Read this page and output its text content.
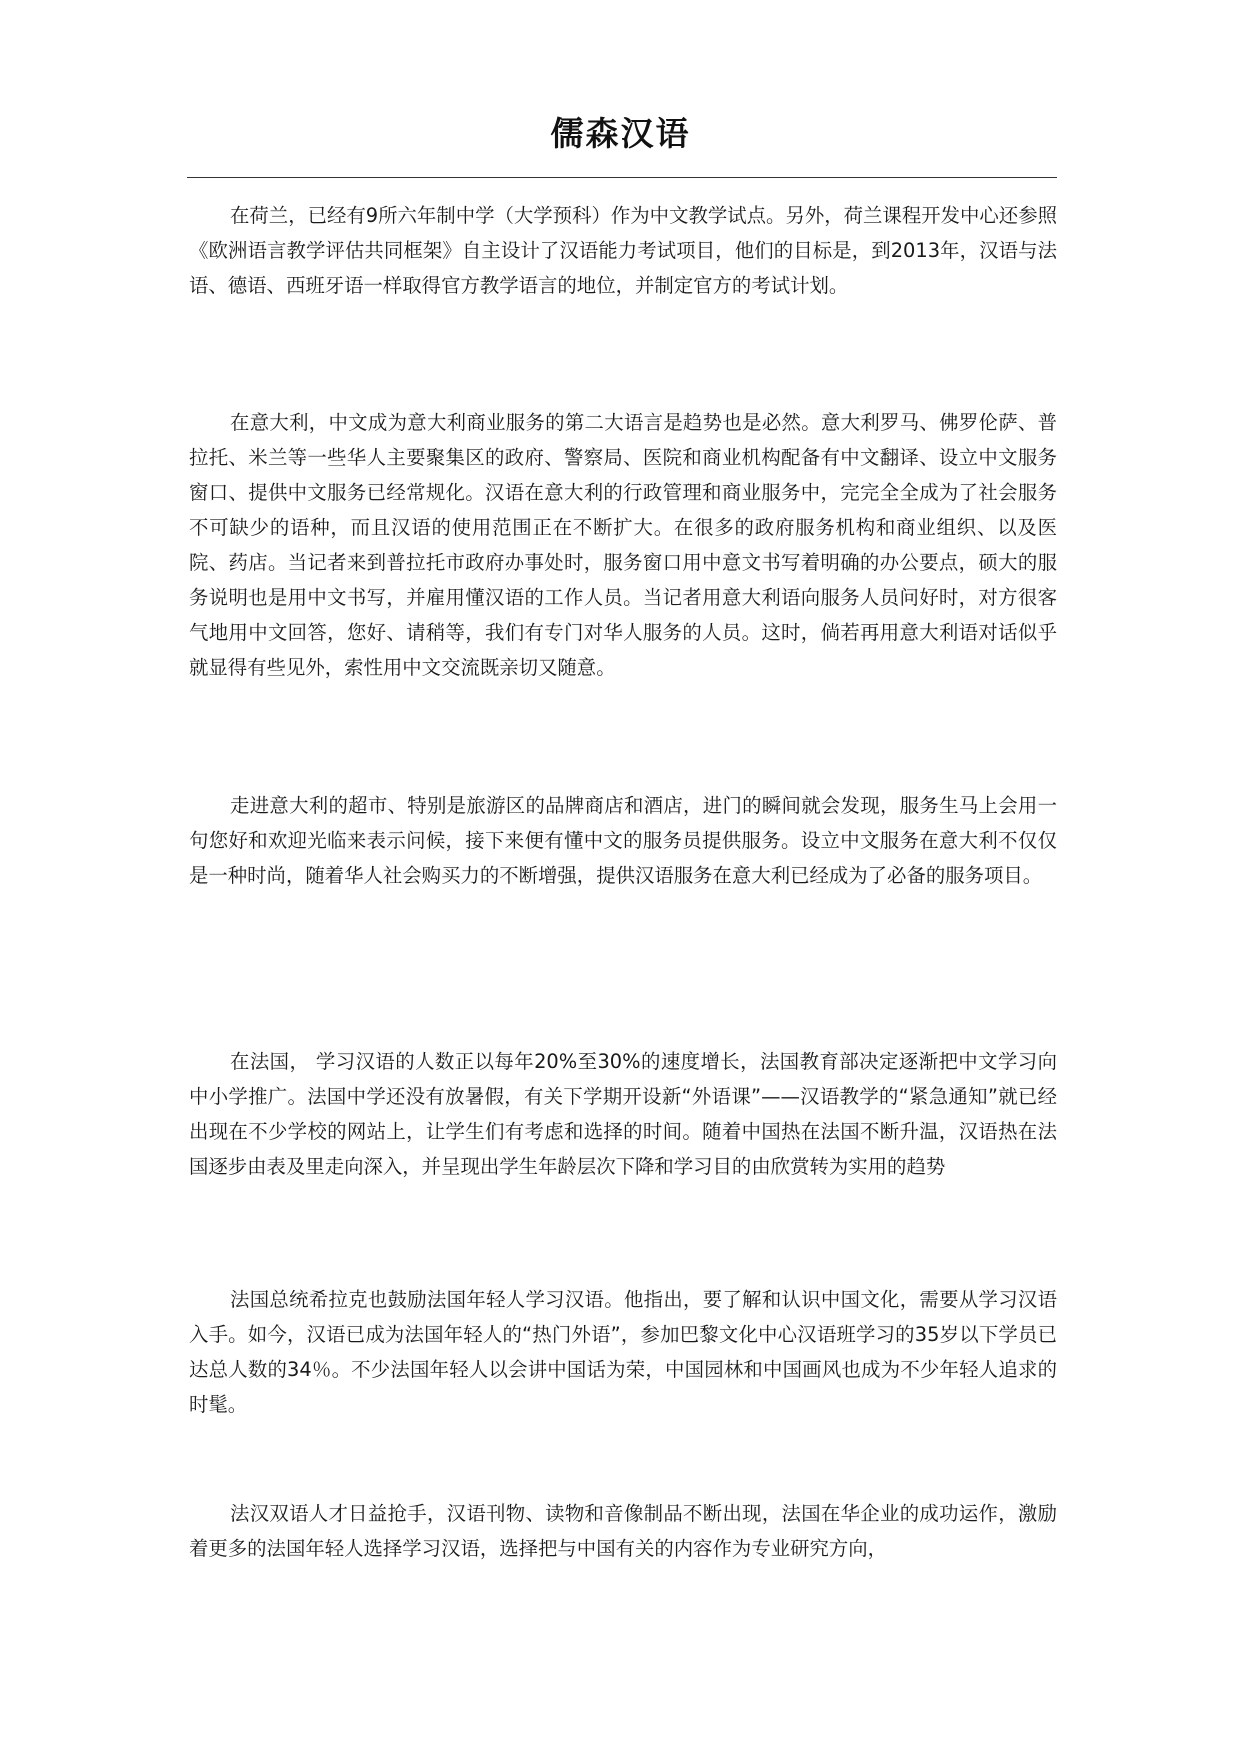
儒森汉语

在荷兰，已经有9所六年制中学（大学预科）作为中文教学试点。另外，荷兰课程开发中心还参照《欧洲语言教学评估共同框架》自主设计了汉语能力考试项目，他们的目标是，到2013年，汉语与法语、德语、西班牙语一样取得官方教学语言的地位，并制定官方的考试计划。

在意大利，中文成为意大利商业服务的第二大语言是趋势也是必然。意大利罗马、佛罗伦萨、普拉托、米兰等一些华人主要聚集区的政府、警察局、医院和商业机构配备有中文翻译、设立中文服务窗口、提供中文服务已经常规化。汉语在意大利的行政管理和商业服务中，完完全全成为了社会服务不可缺少的语种，而且汉语的使用范围正在不断扩大。在很多的政府服务机构和商业组织、以及医院、药店。当记者来到普拉托市政府办事处时，服务窗口用中意文书写着明确的办公要点，硕大的服务说明也是用中文书写，并雇用懂汉语的工作人员。当记者用意大利语向服务人员问好时，对方很客气地用中文回答，您好、请稍等，我们有专门对华人服务的人员。这时，倘若再用意大利语对话似乎就显得有些见外，索性用中文交流既亲切又随意。

走进意大利的超市、特别是旅游区的品牌商店和酒店，进门的瞬间就会发现，服务生马上会用一句您好和欢迎光临来表示问候，接下来便有懂中文的服务员提供服务。设立中文服务在意大利不仅仅是一种时尚，随着华人社会购买力的不断增强，提供汉语服务在意大利已经成为了必备的服务项目。

在法国， 学习汉语的人数正以每年20%至30%的速度增长，法国教育部决定逐渐把中文学习向中小学推广。法国中学还没有放暑假，有关下学期开设新“外语课”——汉语教学的“紧急通知”就已经出现在不少学校的网站上，让学生们有考虑和选择的时间。随着中国热在法国不断升温，汉语热在法国逐步由表及里走向深入，并呈现出学生年龄层次下降和学习目的由欣赏转为实用的趋势

法国总统希拉克也鼓励法国年轻人学习汉语。他指出，要了解和认识中国文化，需要从学习汉语入手。如今，汉语已成为法国年轻人的“热门外语”，参加巴黎文化中心汉语班学习的35岁以下学员已达总人数的34％。不少法国年轻人以会讲中国话为荣，中国园林和中国画风也成为不少年轻人追求的时髦。

法汉双语人才日益抢手，汉语刊物、读物和音像制品不断出现，法国在华企业的成功运作，激励着更多的法国年轻人选择学习汉语，选择把与中国有关的内容作为专业研究方向，
